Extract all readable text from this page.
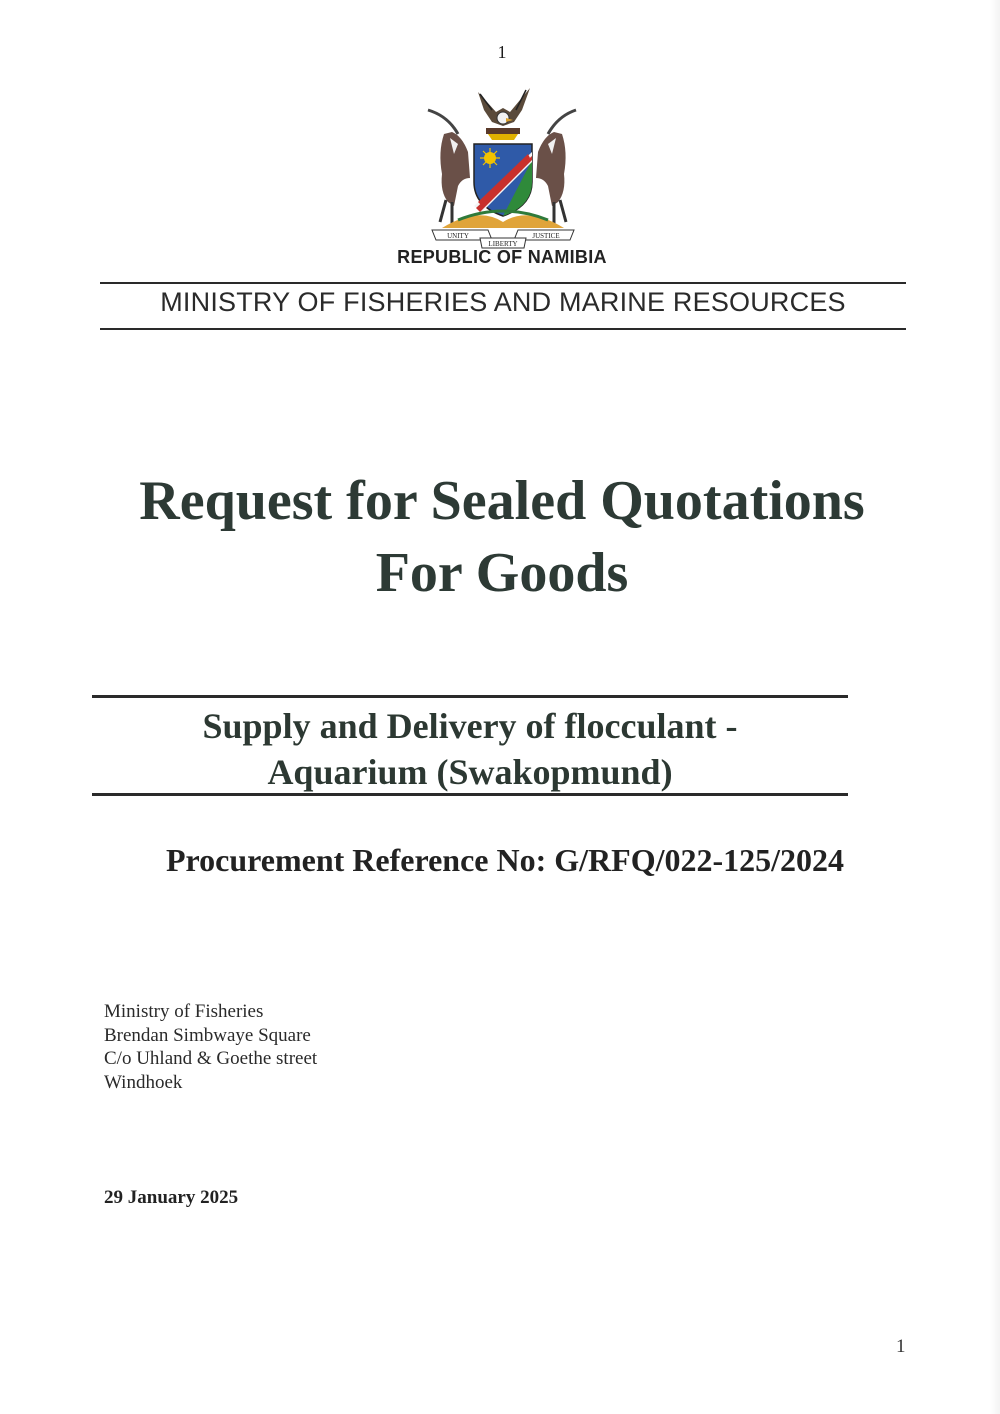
1
UNITY	JUSTICE
LIBERTY
REPUBLIC OF NAMIBIA
MINISTRY OF FISHERIES AND MARINE RESOURCES
Request for Sealed Quotations
For Goods
Supply and Delivery of flocculant -
Aquarium (Swakopmund)
Procurement Reference No: G/RFQ/022-125/2024
Ministry of Fisheries
Brendan Simbwaye Square
C/o Uhland & Goethe street
Windhoek
29 January 2025
1
